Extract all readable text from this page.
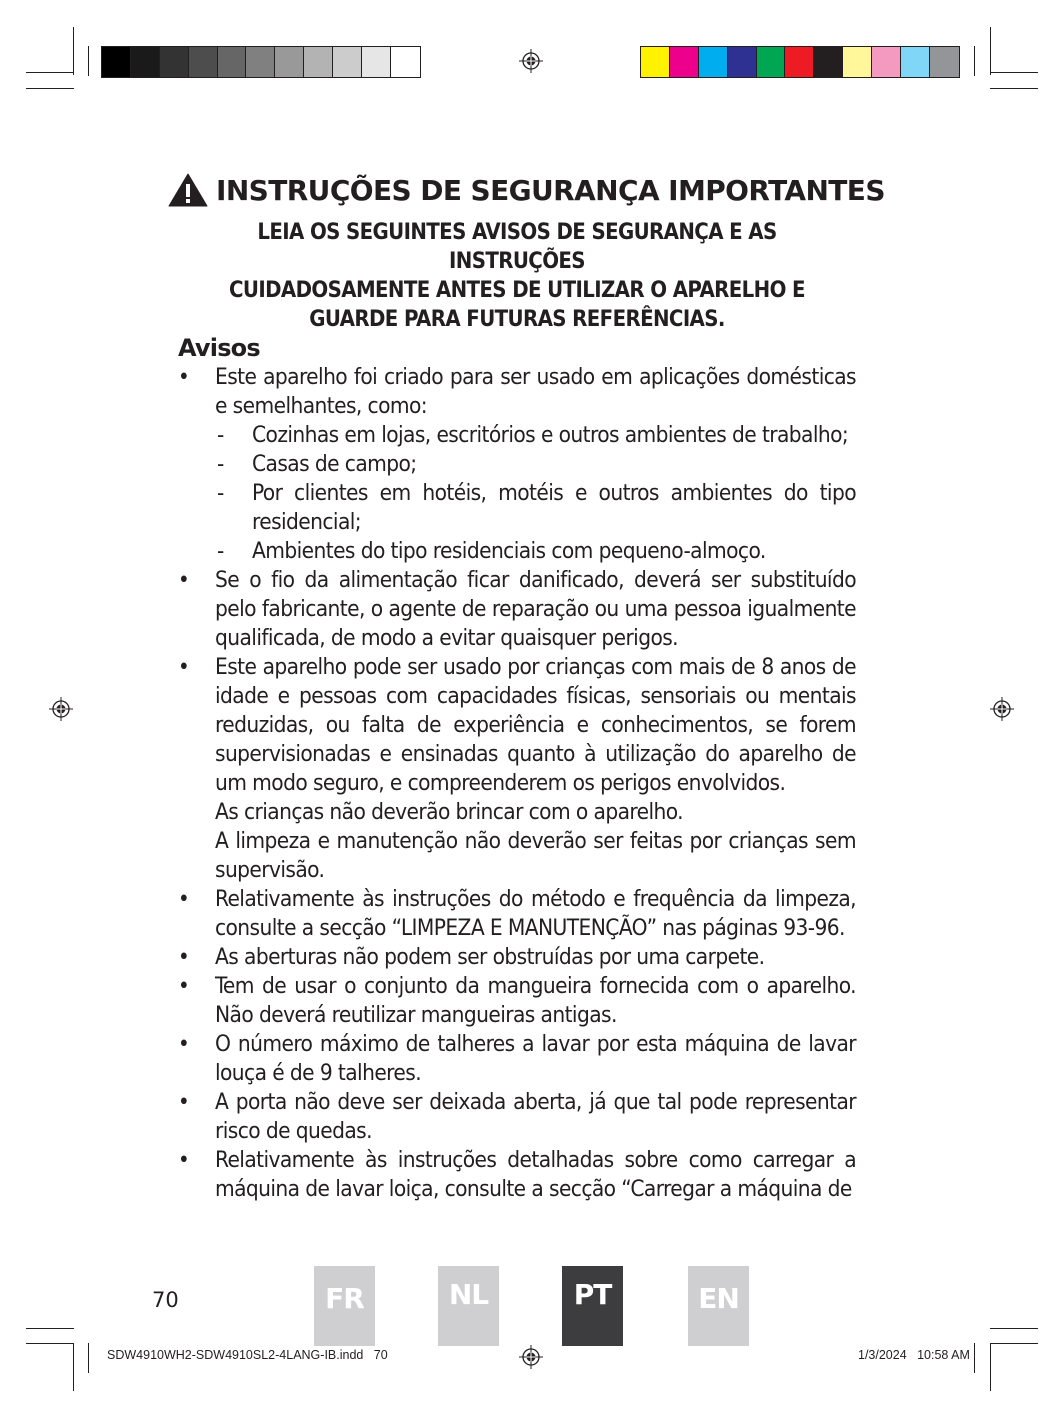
INSTRUÇÕES DE SEGURANÇA IMPORTANTES
LEIA OS SEGUINTES AVISOS DE SEGURANÇA E AS INSTRUÇÕES
CUIDADOSAMENTE ANTES DE UTILIZAR O APARELHO E
GUARDE PARA FUTURAS REFERÊNCIAS.
Avisos
• Este aparelho foi criado para ser usado em aplicações domésticas e semelhantes, como:
- Cozinhas em lojas, escritórios e outros ambientes de trabalho;
- Casas de campo;
- Por clientes em hotéis, motéis e outros ambientes do tipo residencial;
- Ambientes do tipo residenciais com pequeno-almoço.
• Se o fio da alimentação ficar danificado, deverá ser substituído pelo fabricante, o agente de reparação ou uma pessoa igualmente qualificada, de modo a evitar quaisquer perigos.
• Este aparelho pode ser usado por crianças com mais de 8 anos de idade e pessoas com capacidades físicas, sensoriais ou mentais reduzidas, ou falta de experiência e conhecimentos, se forem supervisionadas e ensinadas quanto à utilização do aparelho de um modo seguro, e compreenderem os perigos envolvidos.
As crianças não deverão brincar com o aparelho.
A limpeza e manutenção não deverão ser feitas por crianças sem supervisão.
• Relativamente às instruções do método e frequência da limpeza, consulte a secção “LIMPEZA E MANUTENÇÃO” nas páginas 93-96.
• As aberturas não podem ser obstruídas por uma carpete.
• Tem de usar o conjunto da mangueira fornecida com o aparelho. Não deverá reutilizar mangueiras antigas.
• O número máximo de talheres a lavar por esta máquina de lavar louça é de 9 talheres.
• A porta não deve ser deixada aberta, já que tal pode representar risco de quedas.
• Relativamente às instruções detalhadas sobre como carregar a máquina de lavar loiça, consulte a secção “Carregar a máquina de
70	FR	NL	PT	EN
SDW4910WH2-SDW4910SL2-4LANG-IB.indd   70	1/3/2024   10:58 AM
